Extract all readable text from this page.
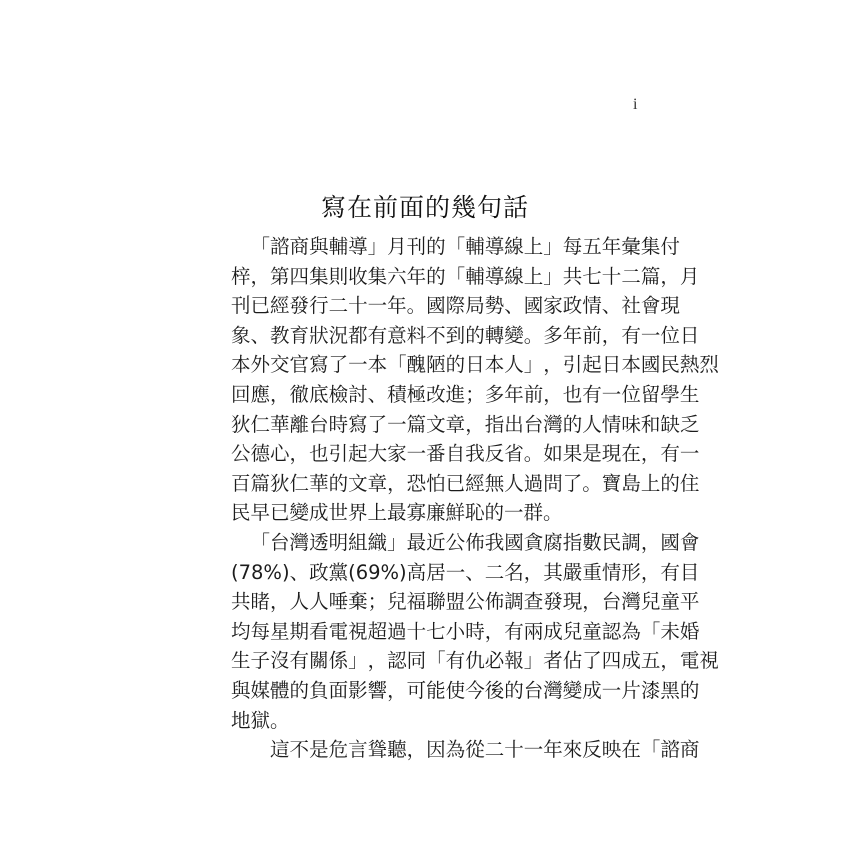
i
寫在前面的幾句話

「 諮 商 與 輔 導 」 月 刊 的 「 輔 導 線 上 」 每 五 年 彙 集 付
梓 ， 第 四 集 則 收 集 六 年 的 「 輔 導 線 上 」 共 七 十 二 篇 ， 月
刊 已 經 發 行 二 十 一 年 。 國 際 局 勢 、 國 家 政 情 、 社 會 現
象 、 教 育 狀 況 都 有 意 料 不 到 的 轉 變 。 多 年 前 ， 有 一 位 日
本 外 交 官 寫 了 一 本 「 醜 陋 的 日 本 人 」 ， 引 起 日 本 國 民 熱 烈
回 應 ， 徹 底 檢 討 、 積 極 改 進 ； 多 年 前 ， 也 有 一 位 留 學 生
狄 仁 華 離 台 時 寫 了 一 篇 文 章 ， 指 出 台 灣 的 人 情 味 和 缺 乏
公 德 心 ， 也 引 起 大 家 一 番 自 我 反 省 。 如 果 是 現 在 ， 有 一
百 篇 狄 仁 華 的 文 章 ， 恐 怕 已 經 無 人 過 問 了 。 寶 島 上 的 住
民早已變成世界上最寡廉鮮恥的一群。

「 台 灣 透 明 組 織 」 最 近 公 佈 我 國 貪 腐 指 數 民 調 ， 國 會
(78%) 、 政 黨 (69%) 高 居 一 、 二 名 ， 其 嚴 重 情 形 ， 有 目
共 睹 ， 人 人 唾 棄 ； 兒 福 聯 盟 公 佈 調 查 發 現 ， 台 灣 兒 童 平
均 每 星 期 看 電 視 超 過 十 七 小 時 ， 有 兩 成 兒 童 認 為 「 未 婚
生 子 沒 有 關 係 」 ， 認 同 「 有 仇 必 報 」 者 佔 了 四 成 五 ， 電 視
與 媒 體 的 負 面 影 響 ， 可 能 使 今 後 的 台 灣 變 成 一 片 漆 黑 的
地獄。

這 不 是 危 言 聳 聽 ， 因 為 從 二 十 一 年 來 反 映 在 「 諮 商
